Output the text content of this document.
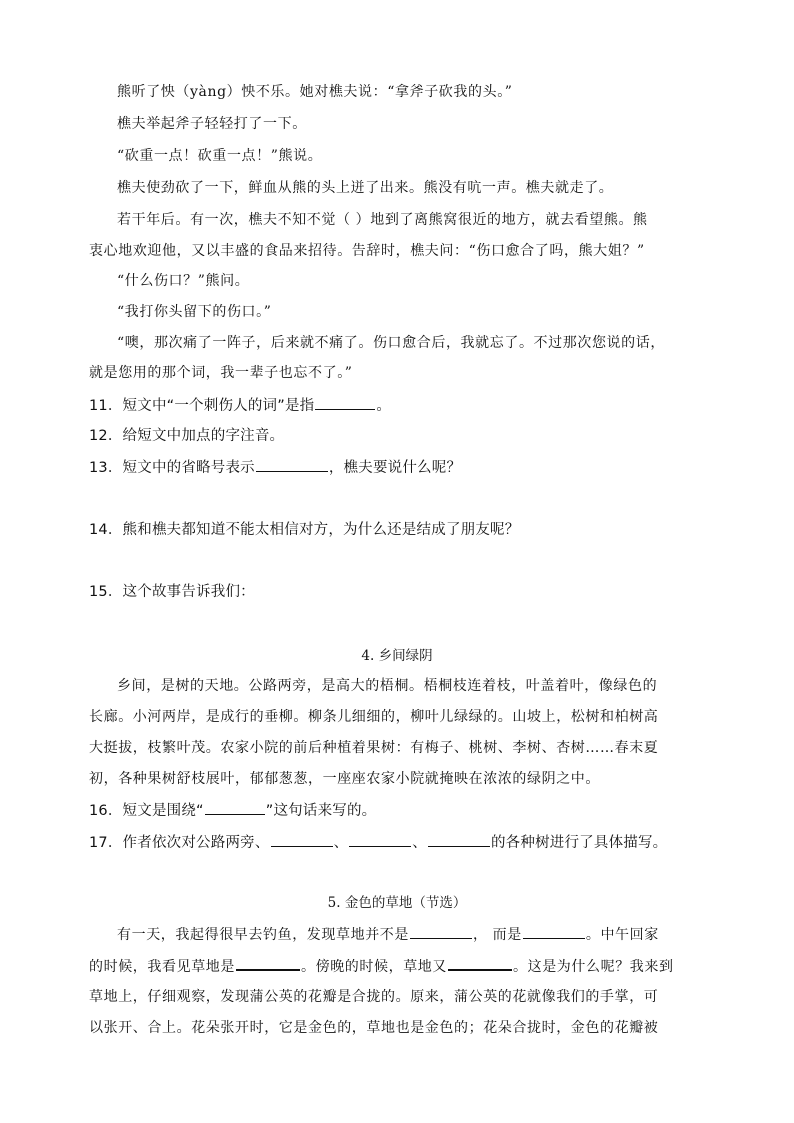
熊听了怏（yàng）怏不乐。她对樵夫说：“拿斧子砍我的头。”
樵夫举起斧子轻轻打了一下。
“砍重一点！砍重一点！”熊说。
樵夫使劲砍了一下，鲜血从熊的头上迸了出来。熊没有吭一声。樵夫就走了。
若干年后。有一次，樵夫不知不觉（ ）地到了离熊窝很近的地方，就去看望熊。熊
衷心地欢迎他，又以丰盛的食品来招待。告辞时，樵夫问：“伤口愈合了吗，熊大姐？”
“什么伤口？”熊问。
“我打你头留下的伤口。”
“噢，那次痛了一阵子，后来就不痛了。伤口愈合后，我就忘了。不过那次您说的话，
就是您用的那个词，我一辈子也忘不了。”
11．短文中“一个刺伤人的词”是指	。
12．给短文中加点的字注音。
13．短文中的省略号表示	，樵夫要说什么呢？
14．熊和樵夫都知道不能太相信对方，为什么还是结成了朋友呢？
15．这个故事告诉我们：
4. 乡间绿阴
乡间，是树的天地。公路两旁，是高大的梧桐。梧桐枝连着枝，叶盖着叶，像绿色的
长廊。小河两岸，是成行的垂柳。柳条儿细细的，柳叶儿绿绿的。山坡上，松树和柏树高
大挺拔，枝繁叶茂。农家小院的前后种植着果树：有梅子、桃树、李树、杏树……春末夏
初，各种果树舒枝展叶，郁郁葱葱，一座座农家小院就掩映在浓浓的绿阴之中。
16．短文是围绕“	”这句话来写的。
17．作者依次对公路两旁、	、	、	的各种树进行了具体描写。
5. 金色的草地（节选）
有一天，我起得很早去钓鱼，发现草地并不是	， 而是	。中午回家
的时候，我看见草地是	。傍晚的时候，草地又	。这是为什么呢？我来到
草地上，仔细观察，发现蒲公英的花瓣是合拢的。原来，蒲公英的花就像我们的手掌，可
以张开、合上。花朵张开时，它是金色的，草地也是金色的；花朵合拢时，金色的花瓣被
